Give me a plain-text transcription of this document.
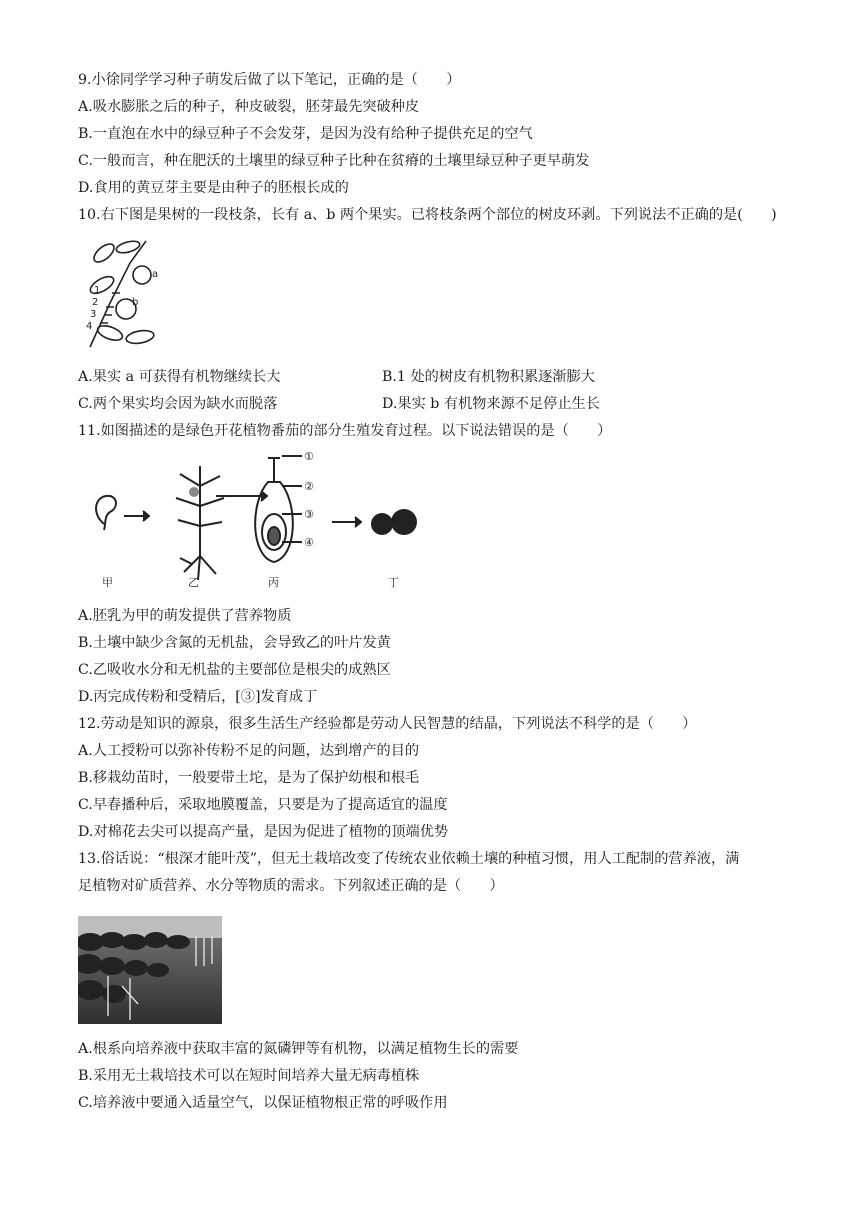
9.小徐同学学习种子萌发后做了以下笔记，正确的是（　　）
A.吸水膨胀之后的种子，种皮破裂，胚芽最先突破种皮
B.一直泡在水中的绿豆种子不会发芽，是因为没有给种子提供充足的空气
C.一般而言，种在肥沃的土壤里的绿豆种子比种在贫瘠的土壤里绿豆种子更早萌发
D.食用的黄豆芽主要是由种子的胚根长成的
10.右下图是果树的一段枝条，长有 a、b 两个果实。已将枝条两个部位的树皮环剥。下列说法不正确的是(　　)
a
1
2	b
3
4
A.果实 a 可获得有机物继续长大	B.1 处的树皮有机物积累逐渐膨大
C.两个果实均会因为缺水而脱落	D.果实 b 有机物来源不足停止生长
11.如图描述的是绿色开花植物番茄的部分生殖发育过程。以下说法错误的是（　　）
①
②
③
④
甲	乙	丙	丁
A.胚乳为甲的萌发提供了营养物质
B.土壤中缺少含氮的无机盐，会导致乙的叶片发黄
C.乙吸收水分和无机盐的主要部位是根尖的成熟区
D.丙完成传粉和受精后，[③]发育成丁
12.劳动是知识的源泉，很多生活生产经验都是劳动人民智慧的结晶，下列说法不科学的是（　　）
A.人工授粉可以弥补传粉不足的问题，达到增产的目的
B.移栽幼苗时，一般要带土坨，是为了保护幼根和根毛
C.早春播种后，采取地膜覆盖，只要是为了提高适宜的温度
D.对棉花去尖可以提高产量，是因为促进了植物的顶端优势
13.俗话说：“根深才能叶茂”，但无土栽培改变了传统农业依赖土壤的种植习惯，用人工配制的营养液，满
足植物对矿质营养、水分等物质的需求。下列叙述正确的是（　　）
A.根系向培养液中获取丰富的氮磷钾等有机物，以满足植物生长的需要
B.采用无土栽培技术可以在短时间培养大量无病毒植株
C.培养液中要通入适量空气，以保证植物根正常的呼吸作用
